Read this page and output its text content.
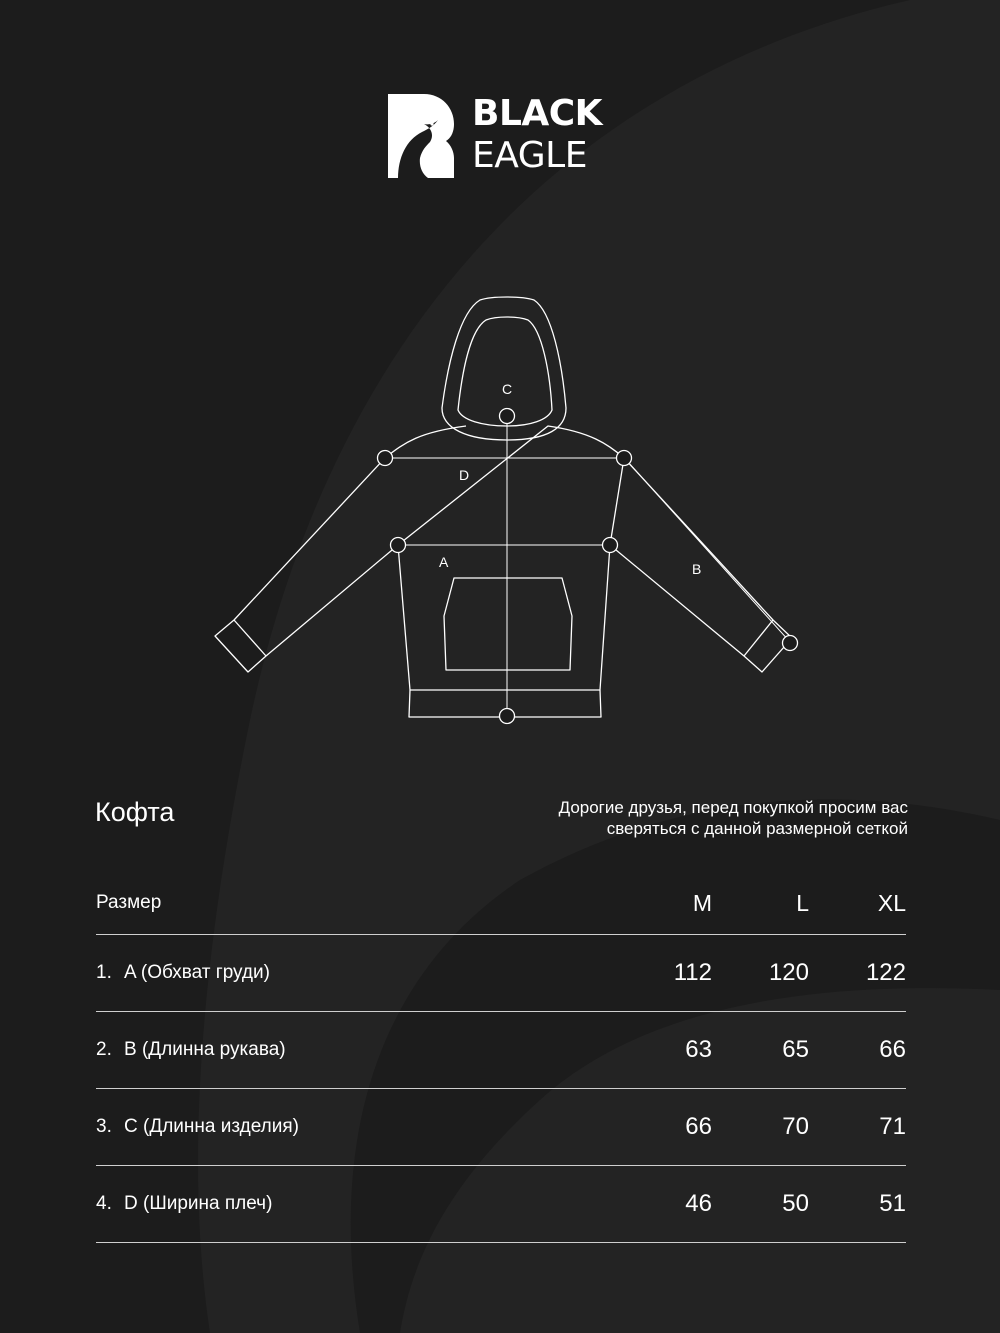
BLACK
EAGLE
C
D
A	B
Кофта	Дорогие друзья, перед покупкой просим вас
сверяться с данной размерной сеткой
Размер	M	L	XL
1. A (Обхват груди)	112	120	122
2. B (Длинна рукава)	63	65	66
3. C (Длинна изделия)	66	70	71
4. D (Ширина плеч)	46	50	51
